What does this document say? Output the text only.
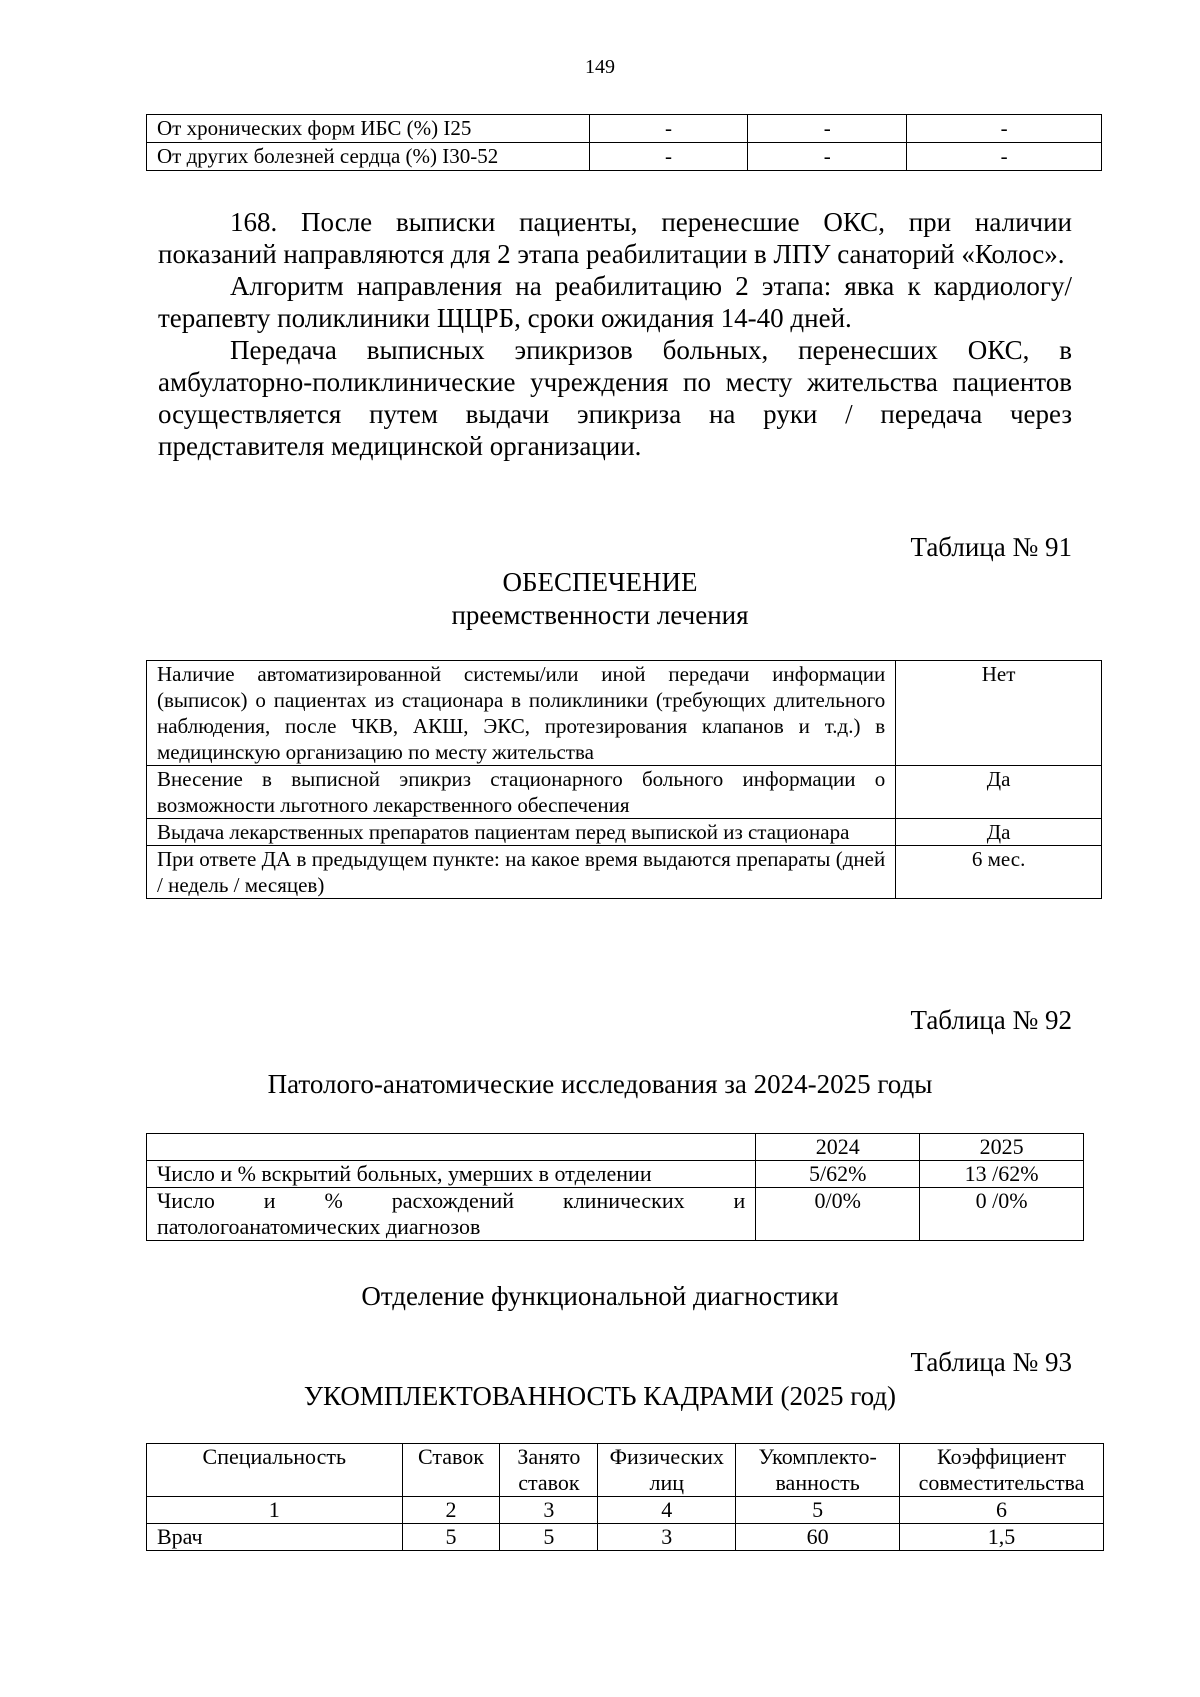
149
От хронических форм ИБС (%) I25	-	-	-
От других болезней сердца (%) I30-52	-	-	-

168. После выписки пациенты, перенесшие ОКС, при наличии показаний направляются для 2 этапа реабилитации в ЛПУ санаторий «Колос».

Алгоритм направления на реабилитацию 2 этапа: явка к кардиологу/терапевту поликлиники ЩЦРБ, сроки ожидания 14-40 дней.

Передача выписных эпикризов больных, перенесших ОКС, в амбулаторно-поликлинические учреждения по месту жительства пациентов осуществляется путем выдачи эпикриза на руки / передача через представителя медицинской организации.

Таблица № 91
ОБЕСПЕЧЕНИЕ
преемственности лечения
Наличие автоматизированной системы/или иной передачи информации (выписок) о пациентах из стационара в поликлиники (требующих длительного наблюдения, после ЧКВ, АКШ, ЭКС, протезирования клапанов и т.д.) в медицинскую организацию по месту жительства	Нет
Внесение в выписной эпикриз стационарного больного информации о возможности льготного лекарственного обеспечения	Да
Выдача лекарственных препаратов пациентам перед выпиской из стационара	Да
При ответе ДА в предыдущем пункте: на какое время выдаются препараты (дней / недель / месяцев)	6 мес.
Таблица № 92
Патолого-анатомические исследования за 2024-2025 годы
	2024	2025
Число и % вскрытий больных, умерших в отделении	5/62%	13 /62%
Число и % расхождений клинических и патологоанатомических диагнозов	0/0%	0 /0%
Отделение функциональной диагностики
Таблица № 93
УКОМПЛЕКТОВАННОСТЬ КАДРАМИ (2025 год)
Специальность	Ставок	Занято ставок	Физических лиц	Укомплекто-ванность	Коэффициент совместительства
1	2	3	4	5	6
Врач	5	5	3	60	1,5
